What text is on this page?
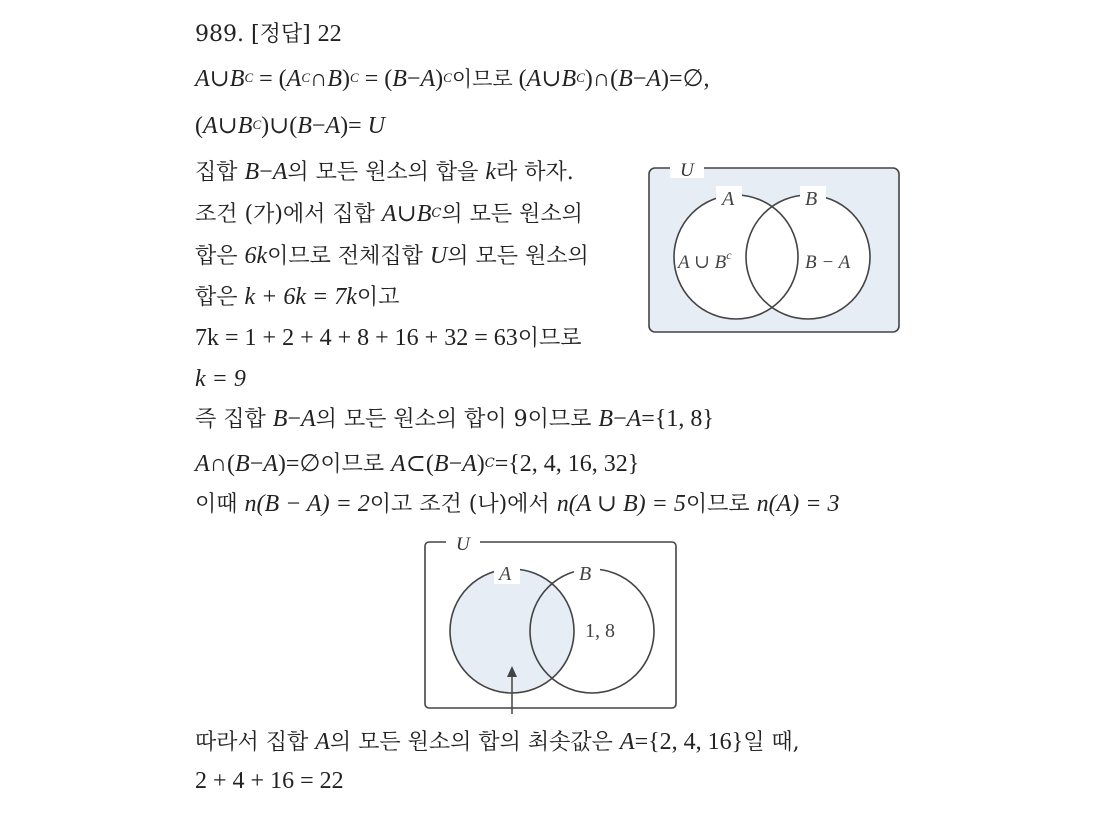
989. [정답] 22
$A\cup B^C$ = $(A^C\cap B)^C = (B-A)^C$이므로 $(A\cup B^C)\cap(B-A)=\emptyset$,
$(A\cup B^C)\cup(B-A)= U$
집합 B−A의 모든 원소의 합을 k라 하자.
조건 (가)에서 집합 $A\cup B^C$의 모든 원소의
합은 6k이므로 전체집합 U의 모든 원소의
합은 k + 6k = 7k이고
7k = 1 + 2 + 4 + 8 + 16 + 32 = 63이므로
k = 9
즉 집합 B−A의 모든 원소의 합이 9이므로 B−A={1, 8}
A∩(B−A)=∅이므로 $A\subset(B-A)^C=\{2$, 4, 16, 32}
이때 n(B − A) = 2이고 조건 (나)에서 n(A ∪ B) = 5이므로 n(A) = 3
따라서 집합 A의 모든 원소의 합의 최솟값은 A={2, 4, 16}일 때,
2 + 4 + 16 = 22
U
A	B
A ∪ $B^c$	B − A
U
A	B
1, 8
